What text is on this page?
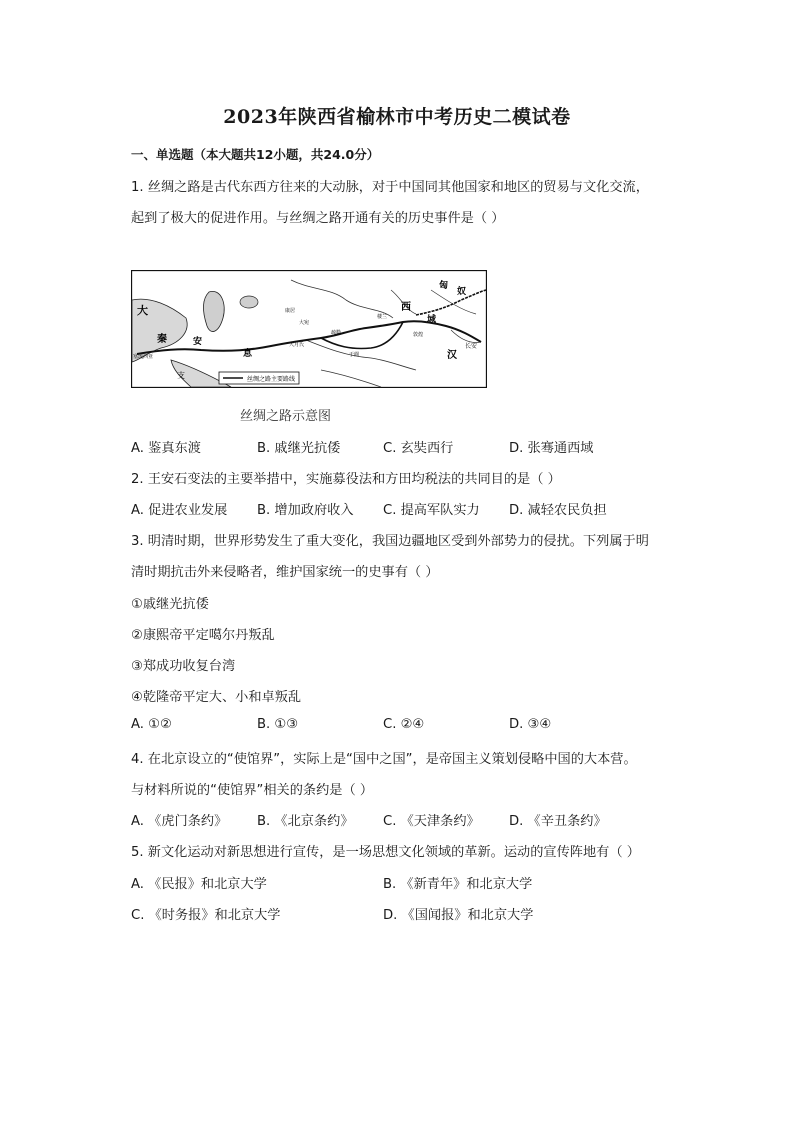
2023年陕西省榆林市中考历史二模试卷
一、单选题（本大题共12小题，共24.0分）
1. 丝绸之路是古代东西方往来的大动脉，对于中国同其他国家和地区的贸易与文化交流，
起到了极大的促进作用。与丝绸之路开通有关的历史事件是（ ）
匈
奴
大
秦	安
息
西
域
汉
长安
支
塞琉西亚
大月氏
康居
大宛
疏勒
于阗
楼兰
敦煌
丝绸之路主要路线
丝绸之路示意图
A. 鉴真东渡	B. 戚继光抗倭	C. 玄奘西行	D. 张骞通西域
2. 王安石变法的主要举措中，实施募役法和方田均税法的共同目的是（ ）
A. 促进农业发展 B. 增加政府收入 C. 提高军队实力 D. 减轻农民负担
3. 明清时期，世界形势发生了重大变化，我国边疆地区受到外部势力的侵扰。下列属于明
清时期抗击外来侵略者，维护国家统一的史事有（ ）
①戚继光抗倭
②康熙帝平定噶尔丹叛乱
③郑成功收复台湾
④乾隆帝平定大、小和卓叛乱
A. ①②	B. ①③	C. ②④	D. ③④
4. 在北京设立的“使馆界”，实际上是“国中之国”，是帝国主义策划侵略中国的大本营。
与材料所说的“使馆界”相关的条约是（ ）
A. 《虎门条约》 B. 《北京条约》 C. 《天津条约》 D. 《辛丑条约》
5. 新文化运动对新思想进行宣传，是一场思想文化领域的革新。运动的宣传阵地有（ ）
A. 《民报》和北京大学	B. 《新青年》和北京大学
C. 《时务报》和北京大学	D. 《国闻报》和北京大学
